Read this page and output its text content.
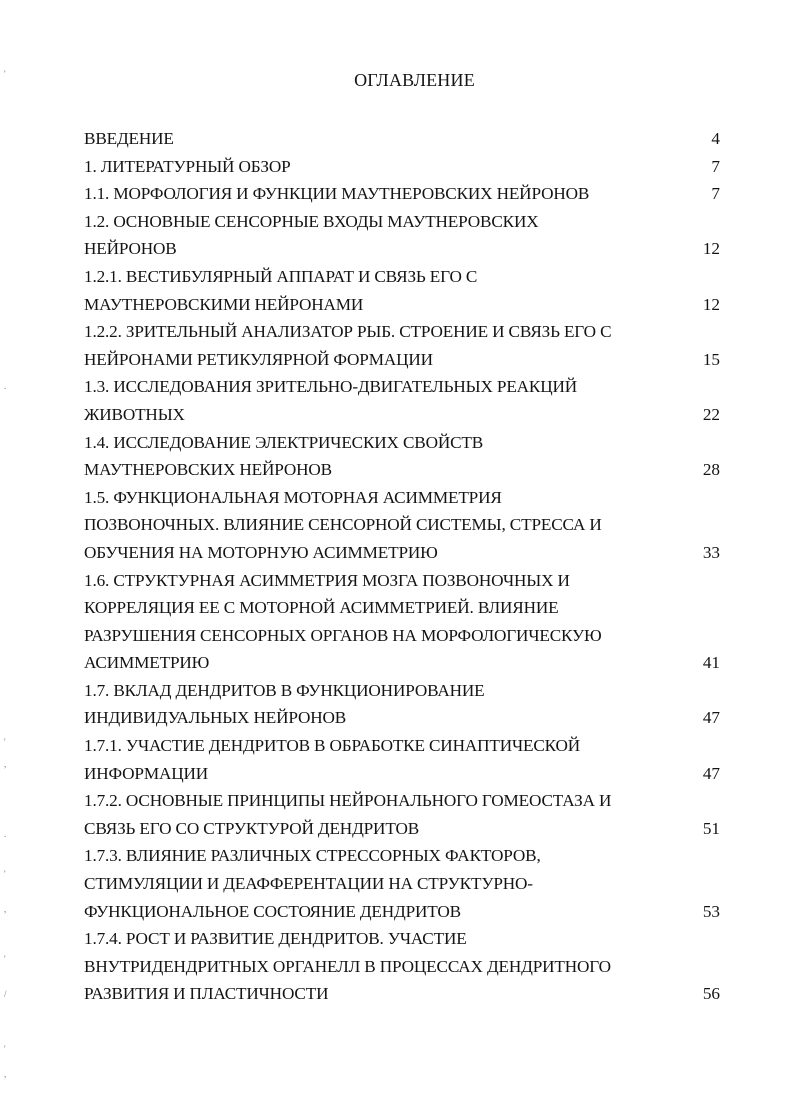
'
.
'
,
.
'
,
'
/
'
,
ОГЛАВЛЕНИЕ
ВВЕДЕНИЕ	4
1. ЛИТЕРАТУРНЫЙ ОБЗОР	7
1.1. МОРФОЛОГИЯ И ФУНКЦИИ МАУТНЕРОВСКИХ НЕЙРОНОВ	7
1.2. ОСНОВНЫЕ СЕНСОРНЫЕ ВХОДЫ МАУТНЕРОВСКИХ
НЕЙРОНОВ	12
1.2.1. ВЕСТИБУЛЯРНЫЙ АППАРАТ И СВЯЗЬ ЕГО С
МАУТНЕРОВСКИМИ НЕЙРОНАМИ	12
1.2.2. ЗРИТЕЛЬНЫЙ АНАЛИЗАТОР РЫБ. СТРОЕНИЕ И СВЯЗЬ ЕГО С
НЕЙРОНАМИ РЕТИКУЛЯРНОЙ ФОРМАЦИИ	15
1.3. ИССЛЕДОВАНИЯ ЗРИТЕЛЬНО-ДВИГАТЕЛЬНЫХ РЕАКЦИЙ
ЖИВОТНЫХ	22
1.4. ИССЛЕДОВАНИЕ ЭЛЕКТРИЧЕСКИХ СВОЙСТВ
МАУТНЕРОВСКИХ НЕЙРОНОВ	28
1.5. ФУНКЦИОНАЛЬНАЯ МОТОРНАЯ АСИММЕТРИЯ
ПОЗВОНОЧНЫХ. ВЛИЯНИЕ СЕНСОРНОЙ СИСТЕМЫ, СТРЕССА И
ОБУЧЕНИЯ НА МОТОРНУЮ АСИММЕТРИЮ	33
1.6. СТРУКТУРНАЯ АСИММЕТРИЯ МОЗГА ПОЗВОНОЧНЫХ И
КОРРЕЛЯЦИЯ ЕЕ С МОТОРНОЙ АСИММЕТРИЕЙ. ВЛИЯНИЕ
РАЗРУШЕНИЯ СЕНСОРНЫХ ОРГАНОВ НА МОРФОЛОГИЧЕСКУЮ
АСИММЕТРИЮ	41
1.7. ВКЛАД ДЕНДРИТОВ В ФУНКЦИОНИРОВАНИЕ
ИНДИВИДУАЛЬНЫХ НЕЙРОНОВ	47
1.7.1. УЧАСТИЕ ДЕНДРИТОВ В ОБРАБОТКЕ СИНАПТИЧЕСКОЙ
ИНФОРМАЦИИ	47
1.7.2. ОСНОВНЫЕ ПРИНЦИПЫ НЕЙРОНАЛЬНОГО ГОМЕОСТАЗА И
СВЯЗЬ ЕГО СО СТРУКТУРОЙ ДЕНДРИТОВ	51
1.7.3. ВЛИЯНИЕ РАЗЛИЧНЫХ СТРЕССОРНЫХ ФАКТОРОВ,
СТИМУЛЯЦИИ И ДЕАФФЕРЕНТАЦИИ НА СТРУКТУРНО-
ФУНКЦИОНАЛЬНОЕ СОСТОЯНИЕ ДЕНДРИТОВ	53
1.7.4. РОСТ И РАЗВИТИЕ ДЕНДРИТОВ. УЧАСТИЕ
ВНУТРИДЕНДРИТНЫХ ОРГАНЕЛЛ В ПРОЦЕССАХ ДЕНДРИТНОГО
РАЗВИТИЯ И ПЛАСТИЧНОСТИ	56
